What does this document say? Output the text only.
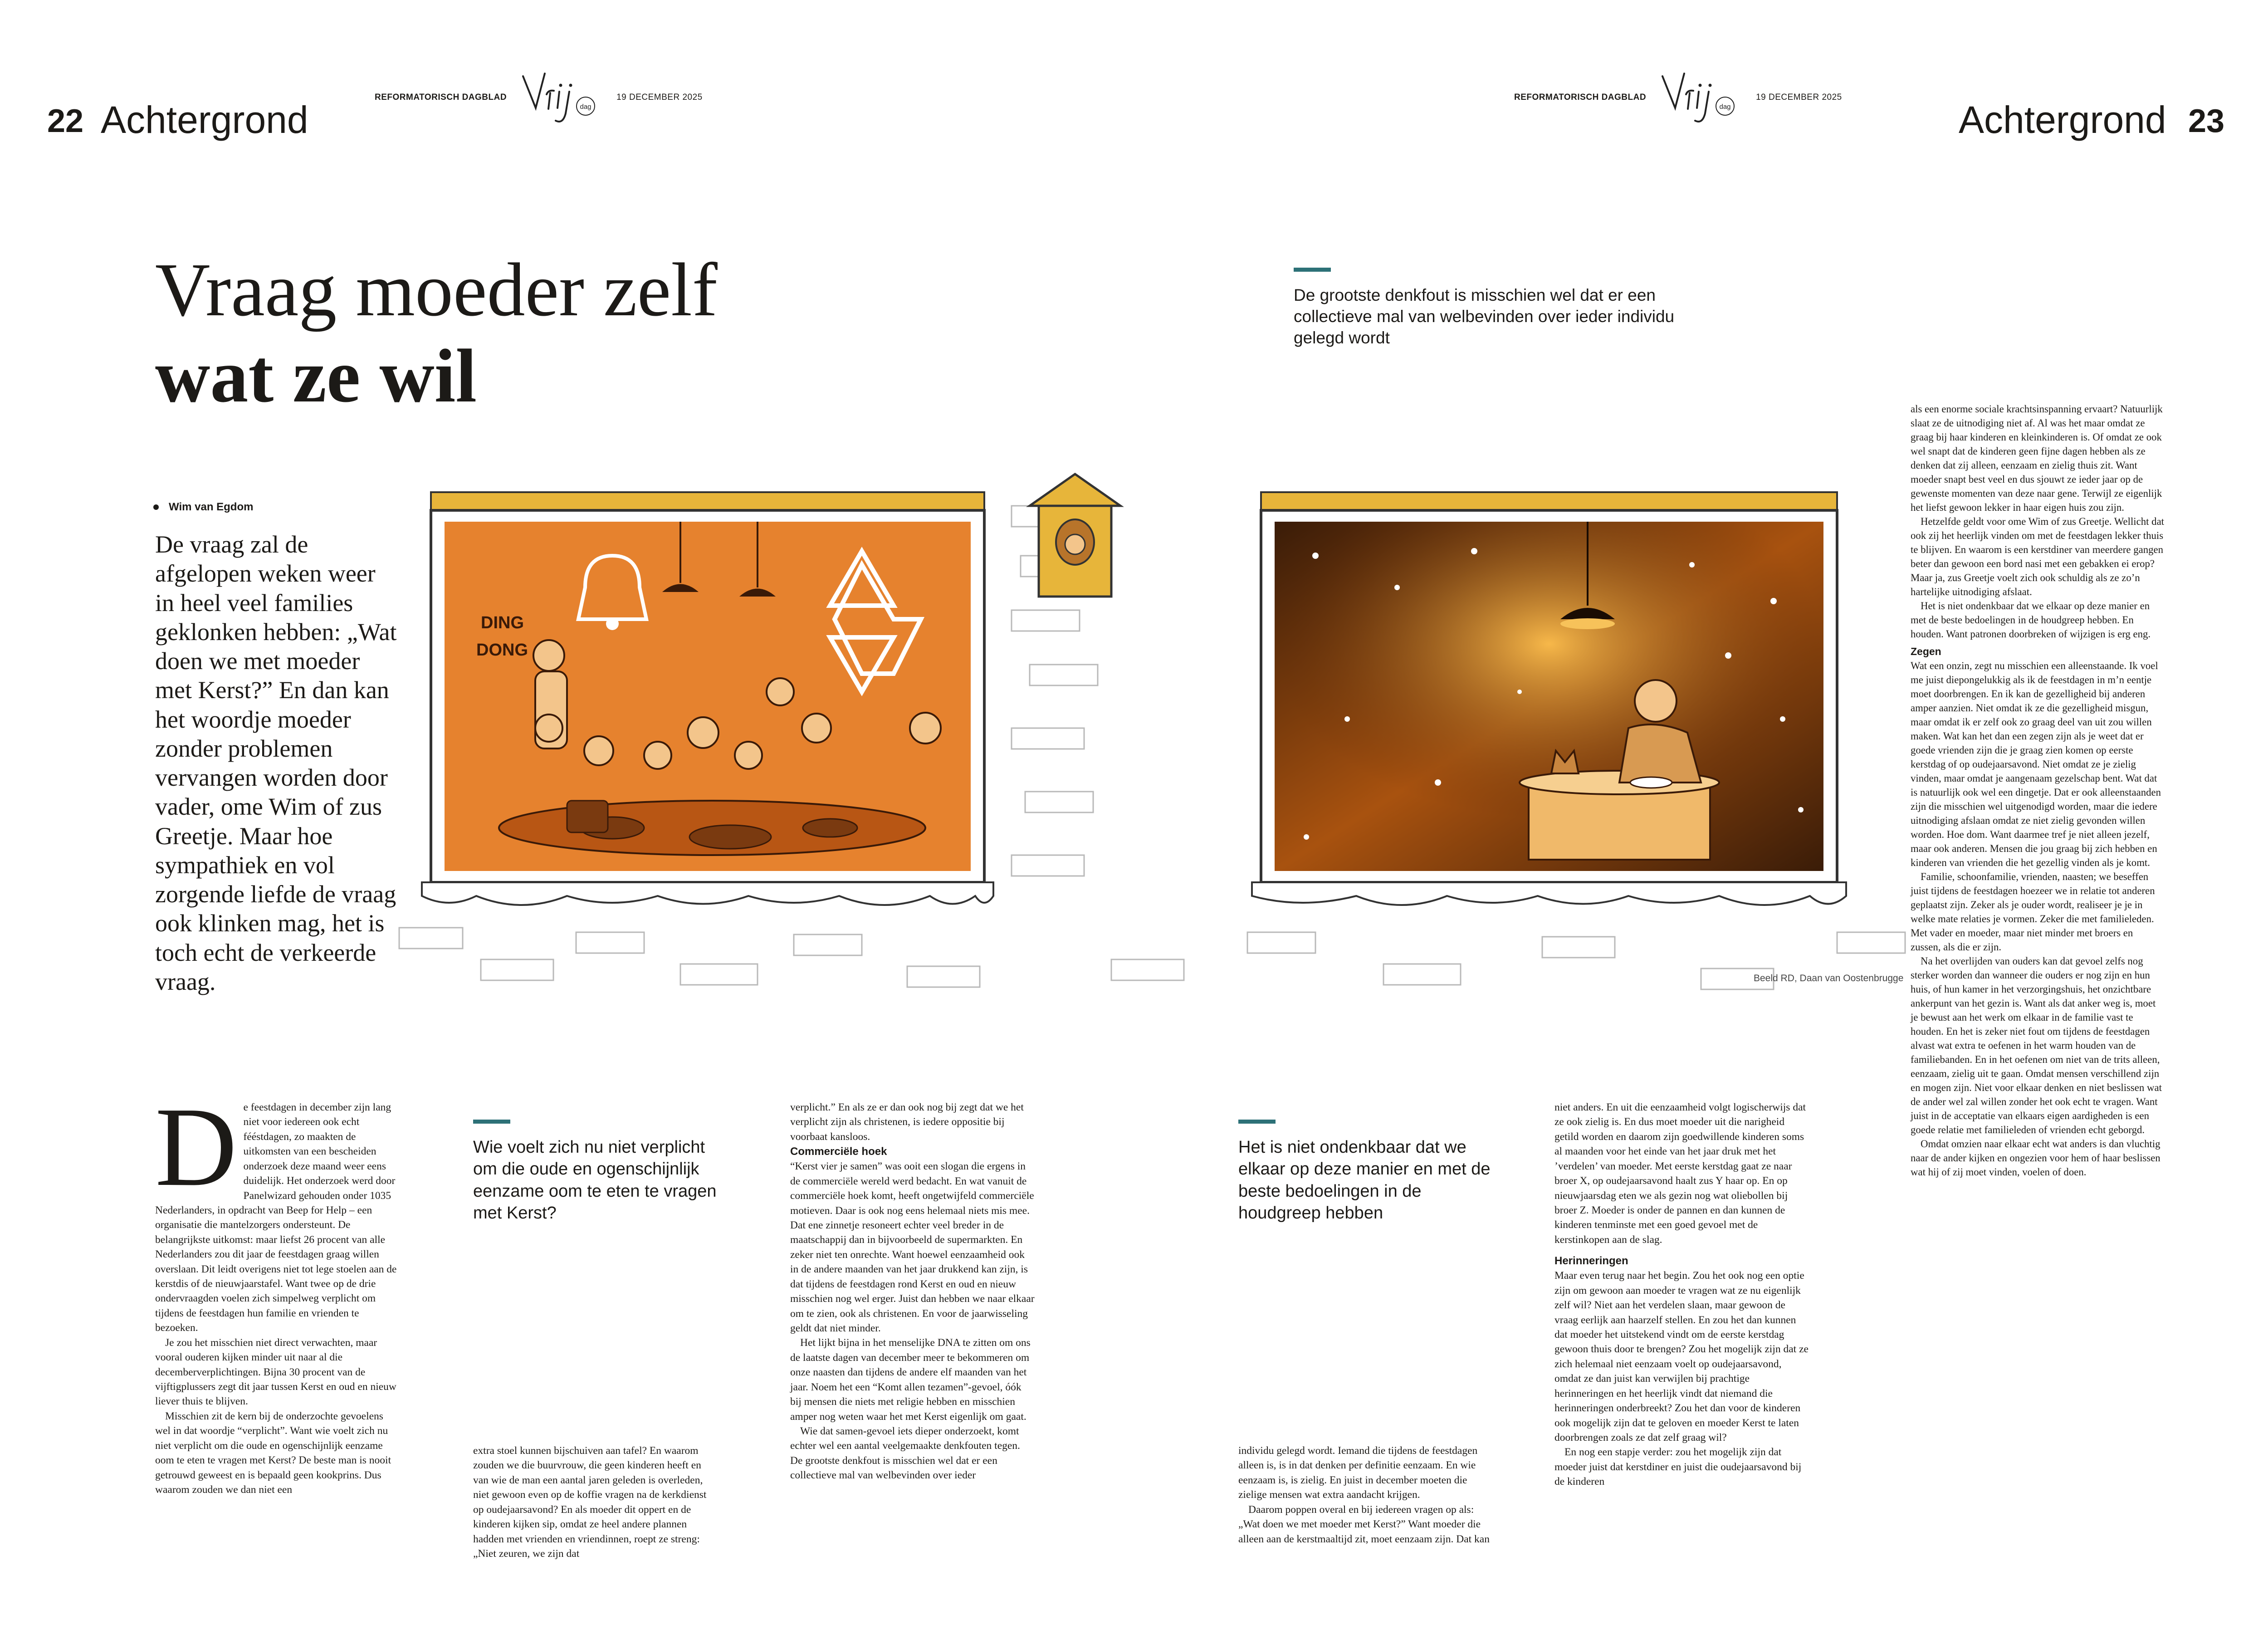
22 Achtergrond
REFORMATORISCH DAGBLAD
dag
19 DECEMBER 2025	REFORMATORISCH DAGBLAD
dag
19 DECEMBER 2025
Achtergrond 23
Vraag moeder zelf
wat ze wil
De grootste denkfout is misschien wel dat er een collectieve mal van welbevinden over ieder individu gelegd wordt
Wim van Egdom
De vraag zal de afgelopen weken weer in heel veel families geklonken hebben: „Wat doen we met moeder met Kerst?” En dan kan het woordje moeder zonder problemen vervangen worden door vader, ome Wim of zus Greetje. Maar hoe sympathiek en vol zorgende liefde de vraag ook klinken mag, het is toch echt de verkeerde vraag.
DING
DONG
Beeld RD, Daan van Oostenbrugge
D e feestdagen in december zijn lang niet voor iedereen ook echt fééstdagen, zo maakten de uitkomsten van een bescheiden onderzoek deze maand weer eens duidelijk. Het onderzoek werd door Panelwizard gehouden onder 1035 Nederlanders, in opdracht van Beep for Help – een organisatie die mantelzorgers ondersteunt. De belangrijkste uitkomst: maar liefst 26 procent van alle Nederlanders zou dit jaar de feestdagen graag willen overslaan. Dit leidt overigens niet tot lege stoelen aan de kerstdis of de nieuwjaarstafel. Want twee op de drie ondervraagden voelen zich simpelweg verplicht om tijdens de feestdagen hun familie en vrienden te bezoeken.

Je zou het misschien niet direct verwachten, maar vooral ouderen kijken minder uit naar al die decemberverplichtingen. Bijna 30 procent van de vijftigplussers zegt dit jaar tussen Kerst en oud en nieuw liever thuis te blijven.

Misschien zit de kern bij de onderzochte gevoelens wel in dat woordje “verplicht”. Want wie voelt zich nu niet verplicht om die oude en ogenschijnlijk eenzame oom te eten te vragen met Kerst? De beste man is nooit getrouwd geweest en is bepaald geen kookprins. Dus waarom zouden we dan niet een

Wie voelt zich nu niet verplicht om die oude en ogenschijnlijk eenzame oom te eten te vragen met Kerst?

extra stoel kunnen bijschuiven aan tafel? En waarom zouden we die buurvrouw, die geen kinderen heeft en van wie de man een aantal jaren geleden is overleden, niet gewoon even op de koffie vragen na de kerkdienst op oudejaarsavond? En als moeder dit oppert en de kinderen kijken sip, omdat ze heel andere plannen hadden met vrienden en vriendinnen, roept ze streng: „Niet zeuren, we zijn dat

verplicht.” En als ze er dan ook nog bij zegt dat we het verplicht zijn als christenen, is iedere oppositie bij voorbaat kansloos.

Commerciële hoek

“Kerst vier je samen” was ooit een slogan die ergens in de commerciële wereld werd bedacht. En wat vanuit de commerciële hoek komt, heeft ongetwijfeld commerciële motieven. Daar is ook nog eens helemaal niets mis mee. Dat ene zinnetje resoneert echter veel breder in de maatschappij dan in bijvoorbeeld de supermarkten. En zeker niet ten onrechte. Want hoewel eenzaamheid ook in de andere maanden van het jaar drukkend kan zijn, is dat tijdens de feestdagen rond Kerst en oud en nieuw misschien nog wel erger. Juist dan hebben we naar elkaar om te zien, ook als christenen. En voor de jaarwisseling geldt dat niet minder.

Het lijkt bijna in het menselijke DNA te zitten om ons de laatste dagen van december meer te bekommeren om onze naasten dan tijdens de andere elf maanden van het jaar. Noem het een “Komt allen tezamen”-gevoel, óók bij mensen die niets met religie hebben en misschien amper nog weten waar het met Kerst eigenlijk om gaat.

Wie dat samen-gevoel iets dieper onderzoekt, komt echter wel een aantal veelgemaakte denkfouten tegen. De grootste denkfout is misschien wel dat er een collectieve mal van welbevinden over ieder

Het is niet ondenkbaar dat we elkaar op deze manier en met de beste bedoelingen in de houdgreep hebben

individu gelegd wordt. Iemand die tijdens de feestdagen alleen is, is in dat denken per definitie eenzaam. En wie eenzaam is, is zielig. En juist in december moeten die zielige mensen wat extra aandacht krijgen.

Daarom poppen overal en bij iedereen vragen op als: „Wat doen we met moeder met Kerst?” Want moeder die alleen aan de kerstmaaltijd zit, moet eenzaam zijn. Dat kan

niet anders. En uit die eenzaamheid volgt logischerwijs dat ze ook zielig is. En dus moet moeder uit die narigheid getild worden en daarom zijn goedwillende kinderen soms al maanden voor het einde van het jaar druk met het ’verdelen’ van moeder. Met eerste kerstdag gaat ze naar broer X, op oudejaarsavond haalt zus Y haar op. En op nieuwjaarsdag eten we als gezin nog wat oliebollen bij broer Z. Moeder is onder de pannen en dan kunnen de kinderen tenminste met een goed gevoel met de kerstinkopen aan de slag.

Herinneringen

Maar even terug naar het begin. Zou het ook nog een optie zijn om gewoon aan moeder te vragen wat ze nu eigenlijk zelf wil? Niet aan het verdelen slaan, maar gewoon de vraag eerlijk aan haarzelf stellen. En zou het dan kunnen dat moeder het uitstekend vindt om de eerste kerstdag gewoon thuis door te brengen? Zou het mogelijk zijn dat ze zich helemaal niet eenzaam voelt op oudejaarsavond, omdat ze dan juist kan verwijlen bij prachtige herinneringen en het heerlijk vindt dat niemand die herinneringen onderbreekt? Zou het dan voor de kinderen ook mogelijk zijn dat te geloven en moeder Kerst te laten doorbrengen zoals ze dat zelf graag wil?

En nog een stapje verder: zou het mogelijk zijn dat moeder juist dat kerstdiner en juist die oudejaarsavond bij de kinderen

als een enorme sociale krachtsinspanning ervaart? Natuurlijk slaat ze de uitnodiging niet af. Al was het maar omdat ze graag bij haar kinderen en kleinkinderen is. Of omdat ze ook wel snapt dat de kinderen geen fijne dagen hebben als ze denken dat zij alleen, eenzaam en zielig thuis zit. Want moeder snapt best veel en dus sjouwt ze ieder jaar op de gewenste momenten van deze naar gene. Terwijl ze eigenlijk het liefst gewoon lekker in haar eigen huis zou zijn.

Hetzelfde geldt voor ome Wim of zus Greetje. Wellicht dat ook zij het heerlijk vinden om met de feestdagen lekker thuis te blijven. En waarom is een kerstdiner van meerdere gangen beter dan gewoon een bord nasi met een gebakken ei erop? Maar ja, zus Greetje voelt zich ook schuldig als ze zo’n hartelijke uitnodiging afslaat.

Het is niet ondenkbaar dat we elkaar op deze manier en met de beste bedoelingen in de houdgreep hebben. En houden. Want patronen doorbreken of wijzigen is erg eng.

Zegen

Wat een onzin, zegt nu misschien een alleenstaande. Ik voel me juist diepongelukkig als ik de feestdagen in m’n eentje moet doorbrengen. En ik kan de gezelligheid bij anderen amper aanzien. Niet omdat ik ze die gezelligheid misgun, maar omdat ik er zelf ook zo graag deel van uit zou willen maken. Wat kan het dan een zegen zijn als je weet dat er goede vrienden zijn die je graag zien komen op eerste kerstdag of op oudejaarsavond. Niet omdat ze je zielig vinden, maar omdat je aangenaam gezelschap bent. Wat dat is natuurlijk ook wel een dingetje. Dat er ook alleenstaanden zijn die misschien wel uitgenodigd worden, maar die iedere uitnodiging afslaan omdat ze niet zielig gevonden willen worden. Hoe dom. Want daarmee tref je niet alleen jezelf, maar ook anderen. Mensen die jou graag bij zich hebben en kinderen van vrienden die het gezellig vinden als je komt.

Familie, schoonfamilie, vrienden, naasten; we beseffen juist tijdens de feestdagen hoezeer we in relatie tot anderen geplaatst zijn. Zeker als je ouder wordt, realiseer je je in welke mate relaties je vormen. Zeker die met familieleden. Met vader en moeder, maar niet minder met broers en zussen, als die er zijn.

Na het overlijden van ouders kan dat gevoel zelfs nog sterker worden dan wanneer die ouders er nog zijn en hun huis, of hun kamer in het verzorgingshuis, het onzichtbare ankerpunt van het gezin is. Want als dat anker weg is, moet je bewust aan het werk om elkaar in de familie vast te houden. En het is zeker niet fout om tijdens de feestdagen alvast wat extra te oefenen in het warm houden van de familiebanden. En in het oefenen om niet van de trits alleen, eenzaam, zielig uit te gaan. Omdat mensen verschillend zijn en mogen zijn. Niet voor elkaar denken en niet beslissen wat de ander wel zal willen zonder het ook echt te vragen. Want juist in de acceptatie van elkaars eigen aardigheden is een goede relatie met familieleden of vrienden echt geborgd.

Omdat omzien naar elkaar echt wat anders is dan vluchtig naar de ander kijken en ongezien voor hem of haar beslissen wat hij of zij moet vinden, voelen of doen.
